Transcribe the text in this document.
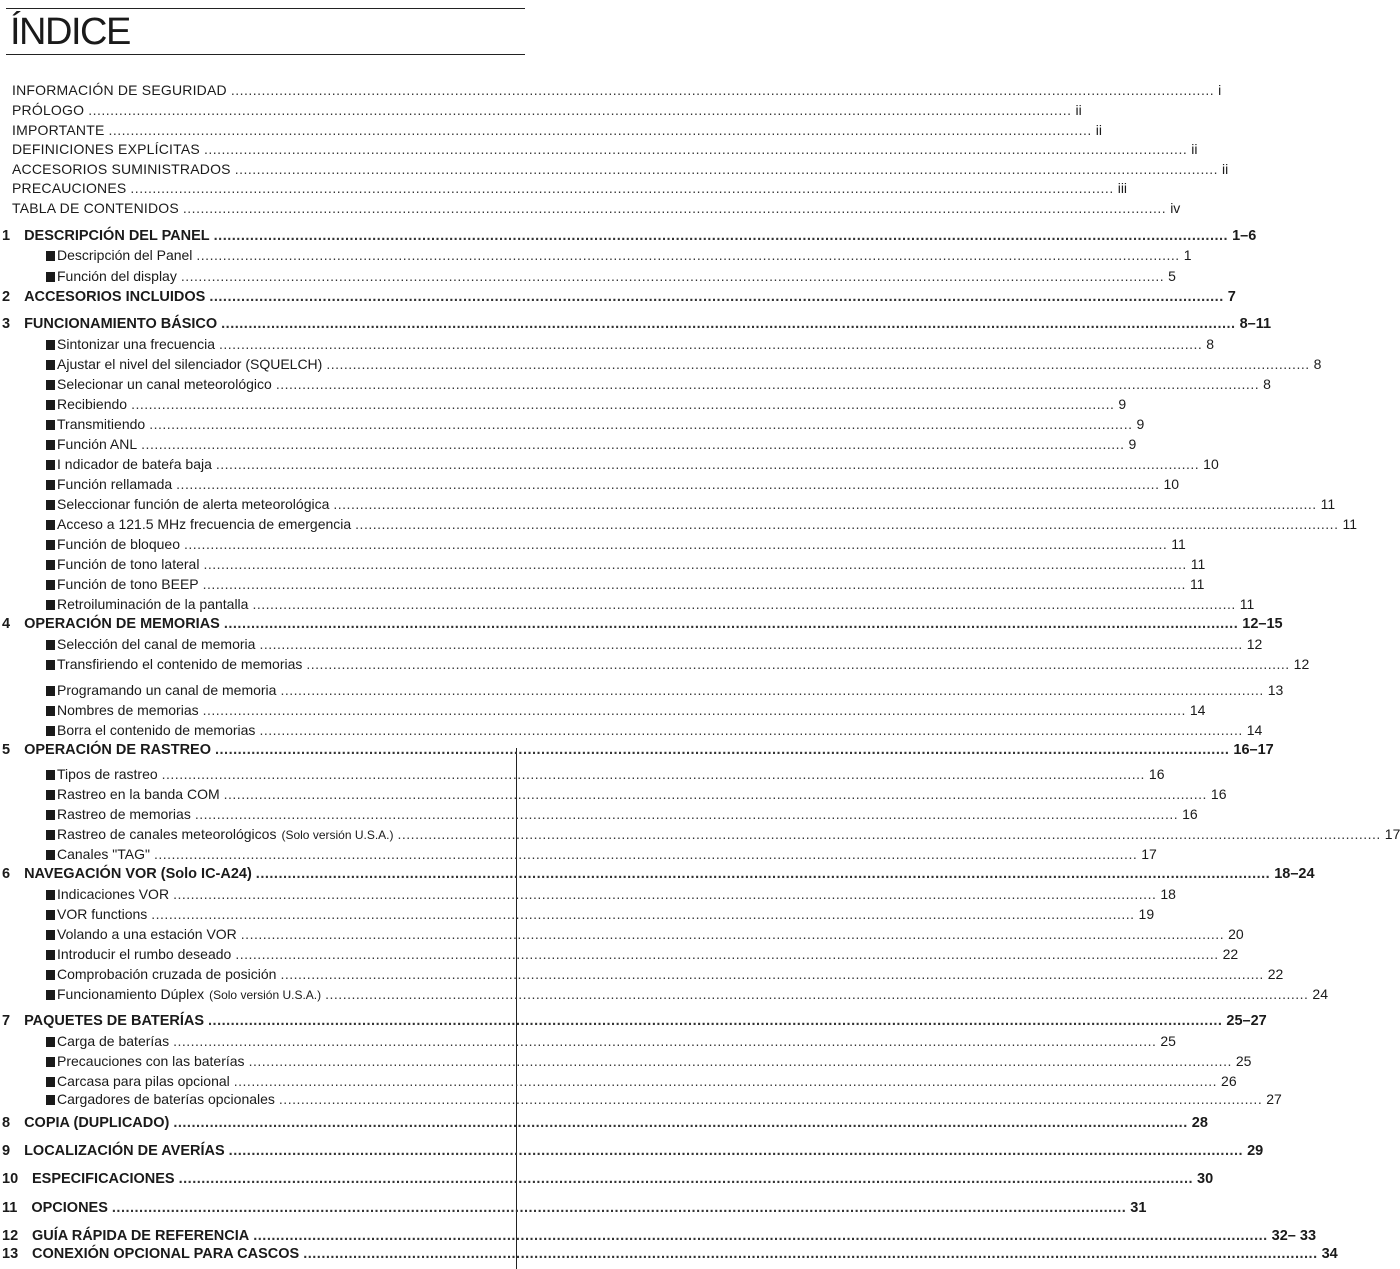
ÍNDICE
INFORMACIÓN DE SEGURIDAD .....	i
PRÓLOGO .....	ii
IMPORTANTE .....	ii
DEFINICIONES EXPLÍCITAS .....	ii
ACCESORIOS SUMINISTRADOS .....	ii
PRECAUCIONES .....	iii
TABLA DE CONTENIDOS .....	iv
1 DESCRIPCIÓN DEL PANEL .....	1–6
Descripción del Panel .....	1
Función del display .....	5
2 ACCESORIOS INCLUIDOS .....	7
3 FUNCIONAMIENTO BÁSICO .....	8–11
Sintonizar una frecuencia .....	8
Ajustar el nivel del silenciador (SQUELCH) .....	8
Selecionar un canal meteorológico .....	8
Recibiendo .....	9
Transmitiendo .....	9
Función ANL .....	9
I ndicador de bateŕa baja .....	10
Función rellamada .....	10
Seleccionar función de alerta meteorológica .....	11
Acceso a 121.5 MHz frecuencia de emergencia .....	11
Función de bloqueo .....	11
Función de tono lateral .....	11
Función de tono BEEP .....	11
Retroiluminación de la pantalla .....	11
4 OPERACIÓN DE MEMORIAS .....	12–15
Selección del canal de memoria .....	12
Transfiriendo el contenido de memorias .....	12
Programando un canal de memoria .....	13
Nombres de memorias .....	14
Borra el contenido de memorias .....	14
5 OPERACIÓN DE RASTREO .....	16–17
Tipos de rastreo .....	16
Rastreo en la banda COM .....	16
Rastreo de memorias .....	16
Rastreo de canales meteorológicos (Solo versión U.S.A.) .....	17
Canales "TAG" .....	17
6 NAVEGACIÓN VOR (Solo IC-A24) .....	18–24
Indicaciones VOR .....	18
VOR functions .....	19
Volando a una estación VOR .....	20
Introducir el rumbo deseado .....	22
Comprobación cruzada de posición .....	22
Funcionamiento Dúplex (Solo versión U.S.A.) .....	24
7 PAQUETES DE BATERÍAS .....	25–27
Carga de baterías .....	25
Precauciones con las baterías .....	25
Carcasa para pilas opcional .....	26
Cargadores de baterías opcionales .....	27
8 COPIA (DUPLICADO) .....	28
9 LOCALIZACIÓN DE AVERÍAS .....	29
10 ESPECIFICACIONES .....	30
11 OPCIONES .....	31
12 GUÍA RÁPIDA DE REFERENCIA .....	32– 33
13 CONEXIÓN OPCIONAL PARA CASCOS .....	34
